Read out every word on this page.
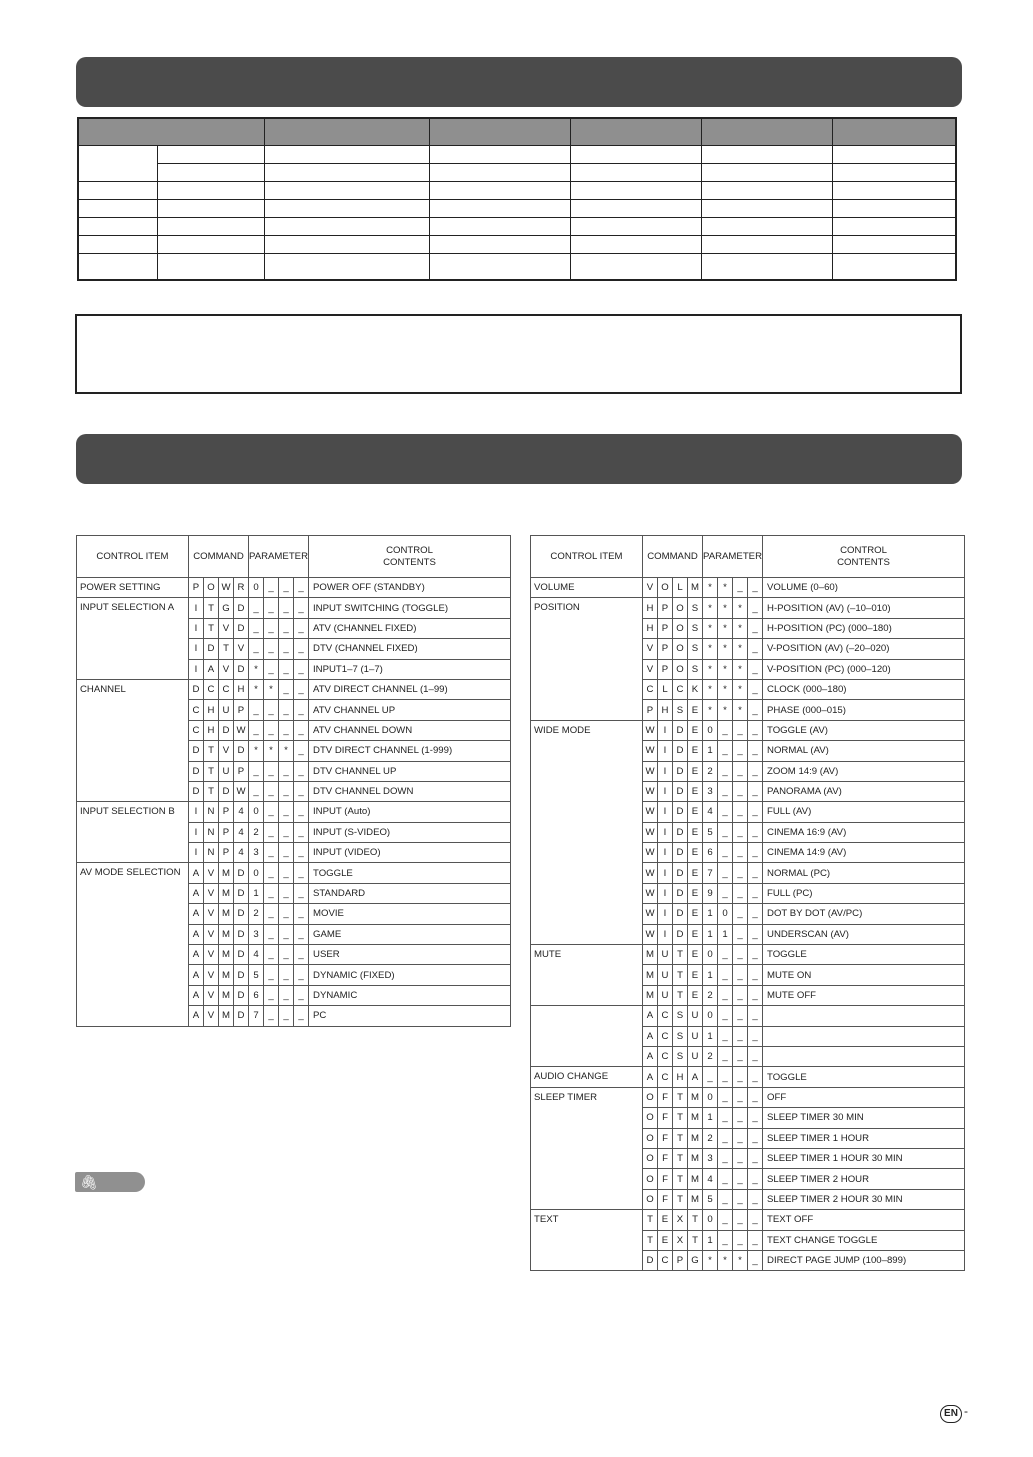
CONTROL ITEM	COMMAND				PARAMETER				CONTROL
CONTENTS
POWER SETTING	P	O	W	R	0	_	_	_	POWER OFF (STANDBY)
INPUT SELECTION A	I	T	G	D	_	_	_	_	INPUT SWITCHING (TOGGLE)
	I	T	V	D	_	_	_	_	ATV (CHANNEL FIXED)
	I	D	T	V	_	_	_	_	DTV (CHANNEL FIXED)
	I	A	V	D	*	_	_	_	INPUT1–7 (1–7)
CHANNEL	D	C	C	H	*	*	_	_	ATV DIRECT CHANNEL (1–99)
	C	H	U	P	_	_	_	_	ATV CHANNEL UP
	C	H	D	W	_	_	_	_	ATV CHANNEL DOWN
	D	T	V	D	*	*	*	_	DTV DIRECT CHANNEL (1-999)
	D	T	U	P	_	_	_	_	DTV CHANNEL UP
	D	T	D	W	_	_	_	_	DTV CHANNEL DOWN
INPUT SELECTION B	I	N	P	4	0	_	_	_	INPUT (Auto)
	I	N	P	4	2	_	_	_	INPUT (S-VIDEO)
	I	N	P	4	3	_	_	_	INPUT (VIDEO)
AV MODE SELECTION	A	V	M	D	0	_	_	_	TOGGLE
	A	V	M	D	1	_	_	_	STANDARD
	A	V	M	D	2	_	_	_	MOVIE
	A	V	M	D	3	_	_	_	GAME
	A	V	M	D	4	_	_	_	USER
	A	V	M	D	5	_	_	_	DYNAMIC (FIXED)
	A	V	M	D	6	_	_	_	DYNAMIC
	A	V	M	D	7	_	_	_	PC
CONTROL ITEM	COMMAND				PARAMETER				CONTROL
CONTENTS
VOLUME	V	O	L	M	*	*	_	_	VOLUME (0–60)
POSITION	H	P	O	S	*	*	*	_	H-POSITION (AV) (–10–010)
	H	P	O	S	*	*	*	_	H-POSITION (PC) (000–180)
	V	P	O	S	*	*	*	_	V-POSITION (AV) (–20–020)
	V	P	O	S	*	*	*	_	V-POSITION (PC) (000–120)
	C	L	C	K	*	*	*	_	CLOCK (000–180)
	P	H	S	E	*	*	*	_	PHASE (000–015)
WIDE MODE	W	I	D	E	0	_	_	_	TOGGLE (AV)
	W	I	D	E	1	_	_	_	NORMAL (AV)
	W	I	D	E	2	_	_	_	ZOOM 14:9 (AV)
	W	I	D	E	3	_	_	_	PANORAMA (AV)
	W	I	D	E	4	_	_	_	FULL (AV)
	W	I	D	E	5	_	_	_	CINEMA 16:9 (AV)
	W	I	D	E	6	_	_	_	CINEMA 14:9 (AV)
	W	I	D	E	7	_	_	_	NORMAL (PC)
	W	I	D	E	9	_	_	_	FULL (PC)
	W	I	D	E	1	0	_	_	DOT BY DOT (AV/PC)
	W	I	D	E	1	1	_	_	UNDERSCAN (AV)
MUTE	M	U	T	E	0	_	_	_	TOGGLE
	M	U	T	E	1	_	_	_	MUTE ON
	M	U	T	E	2	_	_	_	MUTE OFF
	A	C	S	U	0	_	_	_	
	A	C	S	U	1	_	_	_	
	A	C	S	U	2	_	_	_	
AUDIO CHANGE	A	C	H	A	_	_	_	_	TOGGLE
SLEEP TIMER	O	F	T	M	0	_	_	_	OFF
	O	F	T	M	1	_	_	_	SLEEP TIMER 30 MIN
	O	F	T	M	2	_	_	_	SLEEP TIMER 1 HOUR
	O	F	T	M	3	_	_	_	SLEEP TIMER 1 HOUR 30 MIN
	O	F	T	M	4	_	_	_	SLEEP TIMER 2 HOUR
	O	F	T	M	5	_	_	_	SLEEP TIMER 2 HOUR 30 MIN
TEXT	T	E	X	T	0	_	_	_	TEXT OFF
	T	E	X	T	1	_	_	_	TEXT CHANGE TOGGLE
	D	C	P	G	*	*	*	_	DIRECT PAGE JUMP (100–899)
🖇︎
EN -
